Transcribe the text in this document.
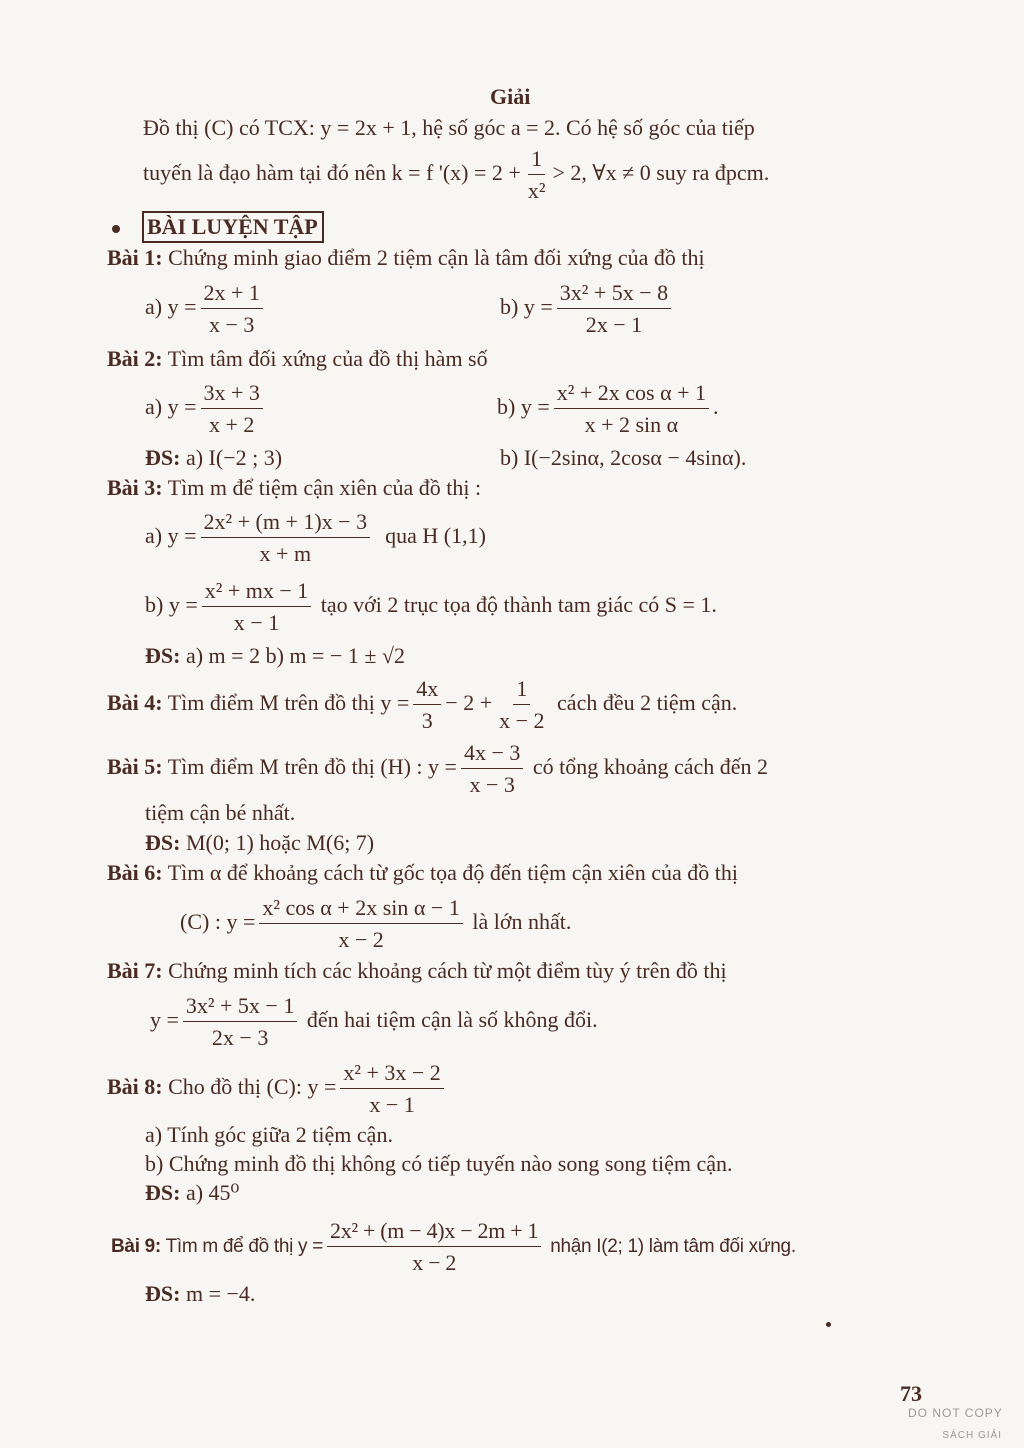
Giải
Đồ thị (C) có TCX: y = 2x + 1, hệ số góc a = 2. Có hệ số góc của tiếp
tuyến là đạo hàm tại đó nên k = f '$(x) = 2 + \frac{1}{\text{x²}} > 2$, ∀x ≠ 0 suy ra đpcm.
BÀI LUYỆN TẬP
Bài 1: Chứng minh giao điểm 2 tiệm cận là tâm đối xứng của đồ thị
a) $y = \frac{2x + 1}{x - 3}$	b) $y = \frac{\text{3x² + 5x − 8}}{2x - 1}$
Bài 2: Tìm tâm đối xứng của đồ thị hàm số
a) $y = \frac{3x + 3}{x + 2}$	b) $y = \frac{\text{x² + 2x cos α + 1}}{\text{x + 2 sin α}}$ .
ĐS: a) I(−2 ; 3)	b) I(−2sinα, 2cosα − 4sinα).
Bài 3: Tìm m để tiệm cận xiên của đồ thị :
a) $y = \frac{\text{2x² + (m + 1)x − 3}}{x + m}$ qua H (1,1)
b) $y = \frac{\text{x² + mx − 1}}{x - 1}$ tạo với 2 trục tọa độ thành tam giác có S = 1.
ĐS: a) m = 2 b) m = − 1 ± √2
Bài 4: Tìm điểm M trên đồ thị $y = \frac{4x}{3} - 2 + \frac{1}{x - 2}$ cách đều 2 tiệm cận.
Bài 5: Tìm điểm M trên đồ thị (H) : $y = \frac{4x - 3}{x - 3}$ có tổng khoảng cách đến 2
tiệm cận bé nhất.
ĐS: M(0; 1) hoặc M(6; 7)
Bài 6: Tìm α để khoảng cách từ gốc tọa độ đến tiệm cận xiên của đồ thị
(C) : $y = \frac{\text{x² cos α + 2x sin α − 1}}{x - 2}$ là lớn nhất.
Bài 7: Chứng minh tích các khoảng cách từ một điểm tùy ý trên đồ thị
$y = \frac{\text{3x² + 5x − 1}}{2x - 3}$ đến hai tiệm cận là số không đổi.
Bài 8: Cho đồ thị (C): $y = \frac{\text{x² + 3x − 2}}{x - 1}$
a) Tính góc giữa 2 tiệm cận.
b) Chứng minh đồ thị không có tiếp tuyến nào song song tiệm cận.
ĐS: a) 45⁰
Bài 9: Tìm m để đồ thị $y = \frac{\text{2x² + (m − 4)x − 2m + 1}}{x - 2}$ nhận I(2; 1) làm tâm đối xứng.
ĐS: m = −4.
73
DO NOT COPY
SÁCH GIẢI
